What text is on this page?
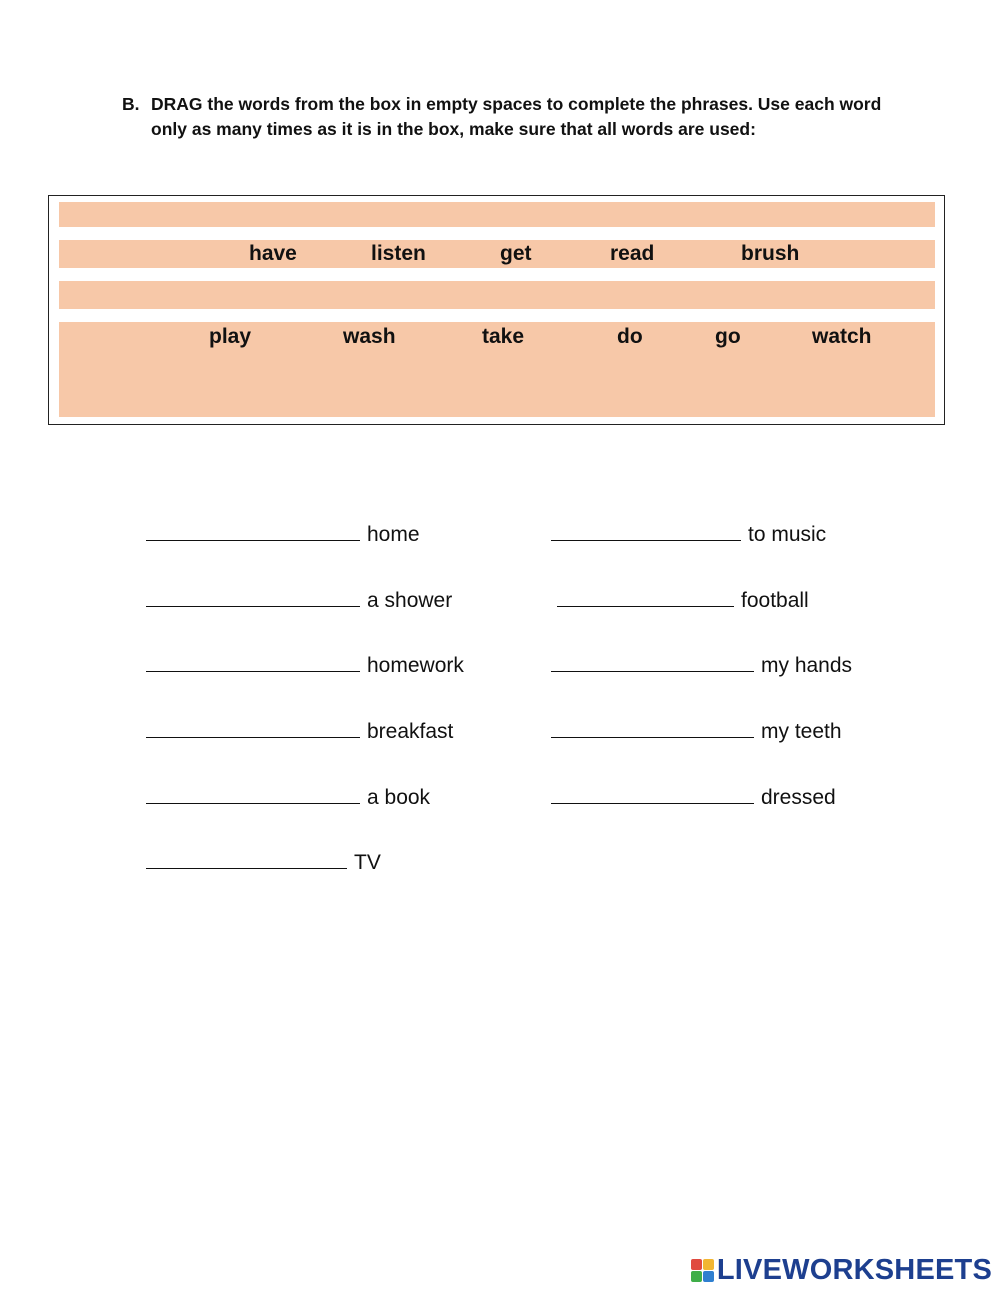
B. DRAG the words from the box in empty spaces to complete the phrases. Use each word only as many times as it is in the box, make sure that all words are used:
have	listen	get	read	brush
play	wash	take	do	go	watch
home
a shower
homework
breakfast
a book
TV
to music
football
my hands
my teeth
dressed
LIVEWORKSHEETS
